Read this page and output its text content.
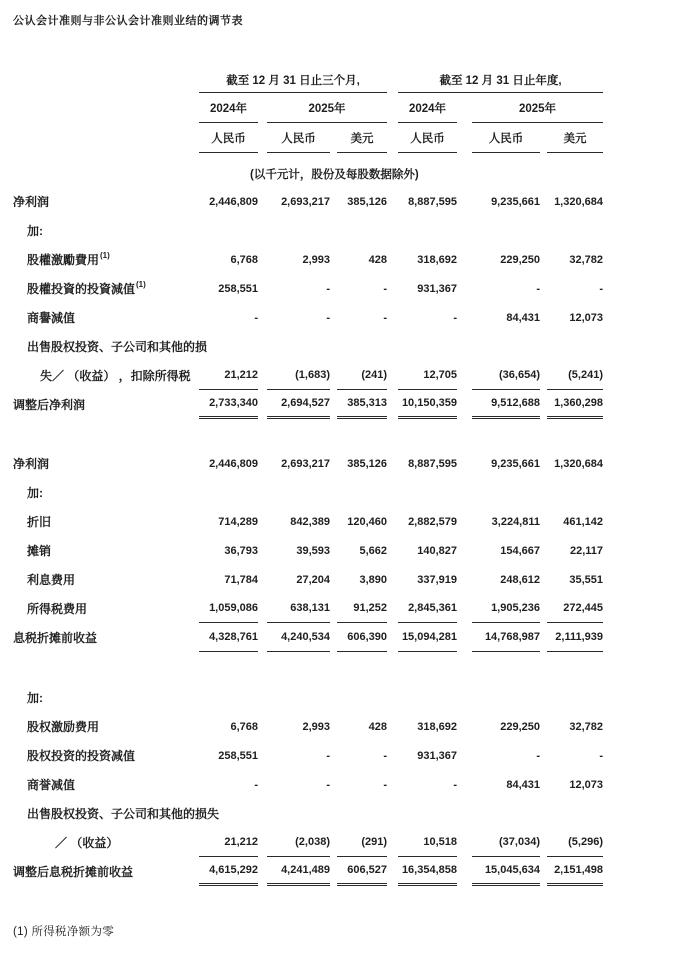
公认会计准则与非公认会计准则业结的调节表
截至 12 月 31 日止三个月,	截至 12 月 31 日止年度,
2024年	2025年	2024年	2025年
人民币	人民币	美元	人民币	人民币	美元
(以千元计，股份及每股数据除外)
净利润	2,446,809	2,693,217	385,126	8,887,595	9,235,661	1,320,684
加:
股權激勵費用$^{(1)}$	6,768	2,993	428	318,692	229,250	32,782
股權投資的投資減值$^{(1)}$	258,551	-	-	931,367	-	-
商譽減值	-	-	-	-	84,431	12,073
出售股权投资、子公司和其他的损
失／ （收益） ，扣除所得税	21,212	(1,683)	(241)	12,705	(36,654)	(5,241)
调整后净利润	2,733,340	2,694,527	385,313	10,150,359	9,512,688	1,360,298
净利润	2,446,809	2,693,217	385,126	8,887,595	9,235,661	1,320,684
加:
折旧	714,289	842,389	120,460	2,882,579	3,224,811	461,142
摊销	36,793	39,593	5,662	140,827	154,667	22,117
利息费用	71,784	27,204	3,890	337,919	248,612	35,551
所得税费用	1,059,086	638,131	91,252	2,845,361	1,905,236	272,445
息税折摊前收益	4,328,761	4,240,534	606,390	15,094,281	14,768,987	2,111,939
加:
股权激励费用	6,768	2,993	428	318,692	229,250	32,782
股权投资的投资减值	258,551	-	-	931,367	-	-
商誉减值	-	-	-	-	84,431	12,073
出售股权投资、子公司和其他的损失
／ （收益）	21,212	(2,038)	(291)	10,518	(37,034)	(5,296)
调整后息税折摊前收益	4,615,292	4,241,489	606,527	16,354,858	15,045,634	2,151,498
(1) 所得税净额为零
